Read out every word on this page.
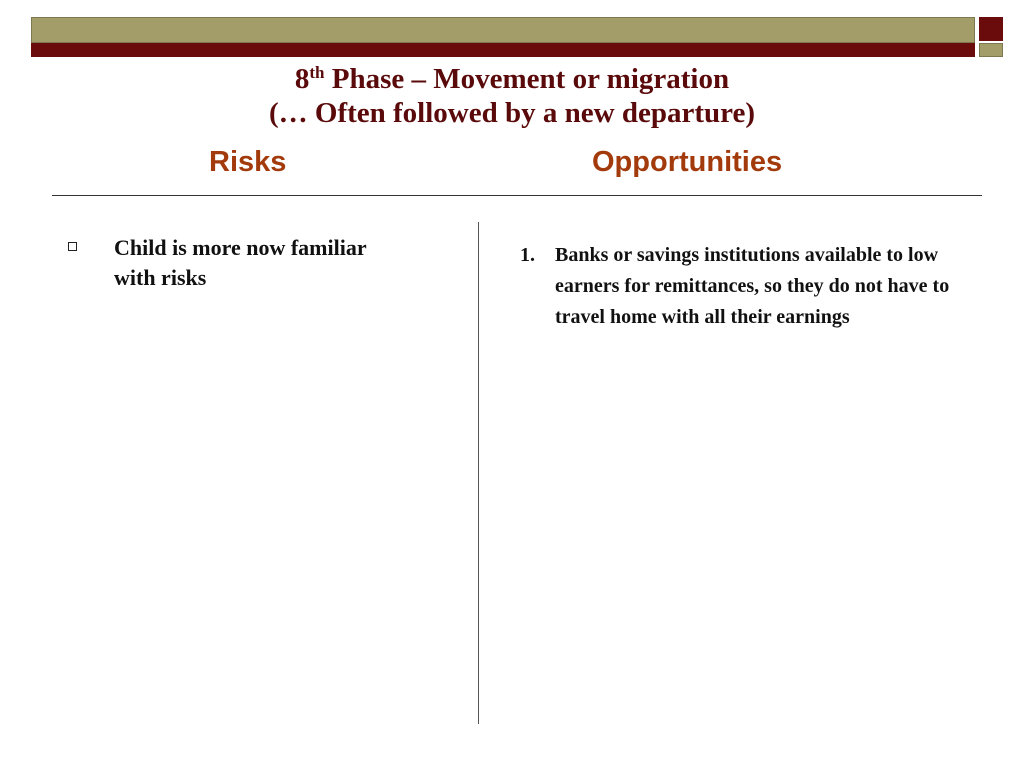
8th Phase – Movement or migration
(… Often followed by a new departure)
Risks	Opportunities
Child is more now familiar with risks
1. Banks or savings institutions available to low earners for remittances, so they do not have to travel home with all their earnings
